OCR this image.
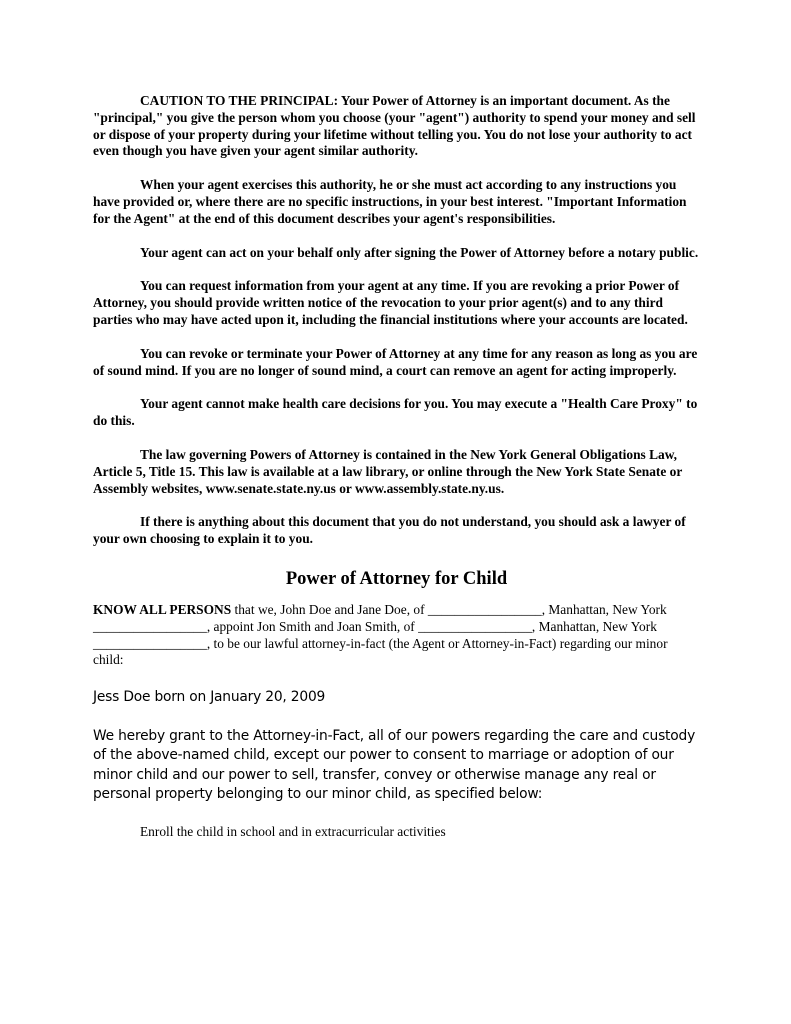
CAUTION TO THE PRINCIPAL: Your Power of Attorney is an important document. As the "principal," you give the person whom you choose (your "agent") authority to spend your money and sell or dispose of your property during your lifetime without telling you. You do not lose your authority to act even though you have given your agent similar authority.

When your agent exercises this authority, he or she must act according to any instructions you have provided or, where there are no specific instructions, in your best interest. "Important Information for the Agent" at the end of this document describes your agent's responsibilities.

Your agent can act on your behalf only after signing the Power of Attorney before a notary public.

You can request information from your agent at any time. If you are revoking a prior Power of Attorney, you should provide written notice of the revocation to your prior agent(s) and to any third parties who may have acted upon it, including the financial institutions where your accounts are located.

You can revoke or terminate your Power of Attorney at any time for any reason as long as you are of sound mind. If you are no longer of sound mind, a court can remove an agent for acting improperly.

Your agent cannot make health care decisions for you. You may execute a "Health Care Proxy" to do this.

The law governing Powers of Attorney is contained in the New York General Obligations Law, Article 5, Title 15. This law is available at a law library, or online through the New York State Senate or Assembly websites, www.senate.state.ny.us or www.assembly.state.ny.us.

If there is anything about this document that you do not understand, you should ask a lawyer of your own choosing to explain it to you.

Power of Attorney for Child

KNOW ALL PERSONS that we, John Doe and Jane Doe, of _________________, Manhattan, New York _________________, appoint Jon Smith and Joan Smith, of _________________, Manhattan, New York _________________, to be our lawful attorney-in-fact (the Agent or Attorney-in-Fact) regarding our minor child:

Jess Doe born on January 20, 2009

We hereby grant to the Attorney-in-Fact, all of our powers regarding the care and custody of the above-named child, except our power to consent to marriage or adoption of our minor child and our power to sell, transfer, convey or otherwise manage any real or personal property belonging to our minor child, as specified below:

Enroll the child in school and in extracurricular activities
